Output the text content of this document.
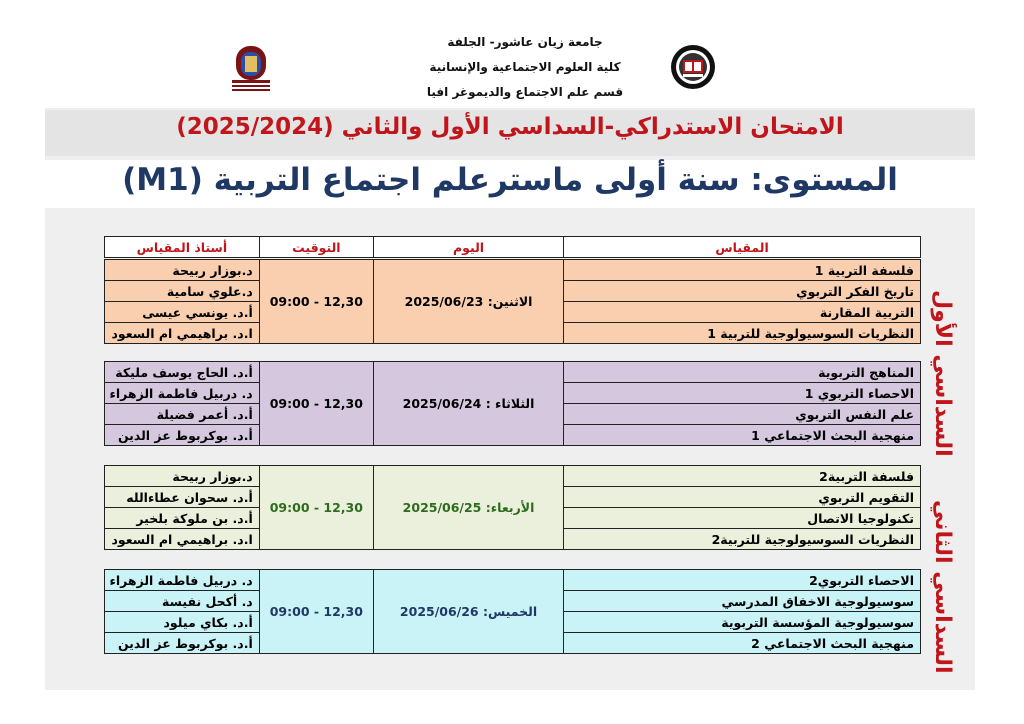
جامعة زيان عاشور- الجلفة
كلية العلوم الاجتماعية والإنسانية
قسم علم الاجتماع والديموغر افيا
الامتحان الاستدراكي-السداسي الأول والثاني (2025/2024)
المستوى: سنة أولى ماسترعلم اجتماع التربية (M1)
المقياس	اليوم	التوقيت	أستاذ المقياس
فلسفة التربية 1	الاثنين: 2025/06/23	09:00 - 12,30	د.بوزار ربيحة
تاريخ الفكر التربوي			د.علوي سامية
التربية المقارنة			أ.د. يونسي عيسى
النظريات السوسيولوجية للتربية 1			ا.د. براهيمي ام السعود
المناهج التربوية	الثلاثاء : 2025/06/24	09:00 - 12,30	أ.د. الحاج يوسف مليكة
الاحصاء التربوي 1			د. دربيل فاطمة الزهراء
علم النفس التربوي			أ.د. أعمر فضيلة
منهجية البحث الاجتماعي 1			أ.د. بوكربوط عز الدين
فلسفة التربية2	الأربعاء: 2025/06/25	09:00 - 12,30	د.بوزار ربيحة
التقويم التربوي			أ.د. سحوان عطاءالله
تكنولوجيا الاتصال			أ.د. بن ملوكة بلخير
النظريات السوسيولوجية للتربية2			ا.د. براهيمي ام السعود
الاحصاء التربوي2	الخميس: 2025/06/26	09:00 - 12,30	د. دربيل فاطمة الزهراء
سوسيولوجية الاخفاق المدرسي			د. أكحل نفيسة
سوسيولوجية المؤسسة التربوية			أ.د. بكاي ميلود
منهجية البحث الاجتماعي 2			أ.د. بوكربوط عز الدين
السداسي الأول
السداسي الثاني
